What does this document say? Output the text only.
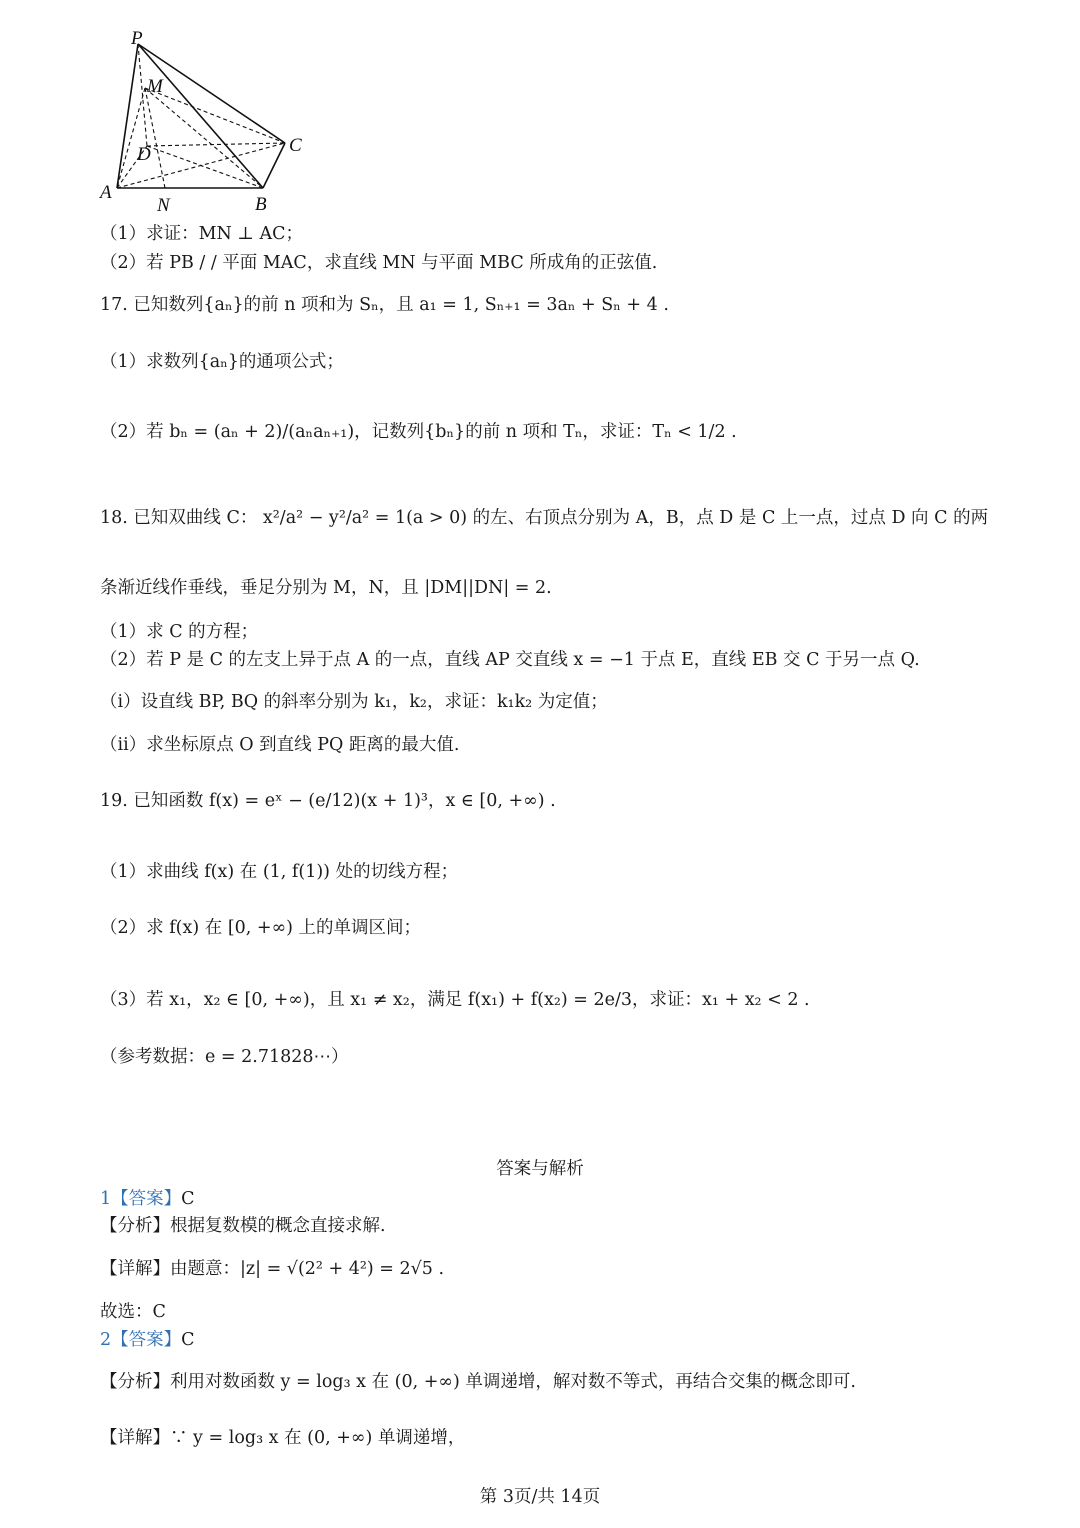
P
M
D	C
A
N	B
（1）求证：MN ⊥ AC；
（2）若 PB / / 平面 MAC，求直线 MN 与平面 MBC 所成角的正弦值.
17. 已知数列{aₙ}的前 n 项和为 Sₙ，且 a₁ = 1, Sₙ₊₁ = 3aₙ + Sₙ + 4 .
（1）求数列{aₙ}的通项公式；
（2）若 bₙ = (aₙ + 2)/(aₙaₙ₊₁)，记数列{bₙ}的前 n 项和 Tₙ，求证：Tₙ < 1/2 .
18. 已知双曲线 C： x²/a² − y²/a² = 1(a > 0) 的左、右顶点分别为 A，B，点 D 是 C 上一点，过点 D 向 C 的两
条渐近线作垂线，垂足分别为 M，N，且 |DM||DN| = 2.
（1）求 C 的方程；
（2）若 P 是 C 的左支上异于点 A 的一点，直线 AP 交直线 x = −1 于点 E，直线 EB 交 C 于另一点 Q.
（i）设直线 BP, BQ 的斜率分别为 k₁，k₂，求证：k₁k₂ 为定值；
（ii）求坐标原点 O 到直线 PQ 距离的最大值.
19. 已知函数 f(x) = eˣ − (e/12)(x + 1)³，x ∈ [0, +∞) .
（1）求曲线 f(x) 在 (1, f(1)) 处的切线方程；
（2）求 f(x) 在 [0, +∞) 上的单调区间；
（3）若 x₁，x₂ ∈ [0, +∞)，且 x₁ ≠ x₂，满足 f(x₁) + f(x₂) = 2e/3，求证：x₁ + x₂ < 2 .
（参考数据：e = 2.71828⋯）
答案与解析
1【答案】C
【分析】根据复数模的概念直接求解.
【详解】由题意：|z| = √(2² + 4²) = 2√5 .
故选：C
2【答案】C
【分析】利用对数函数 y = log₃ x 在 (0, +∞) 单调递增，解对数不等式，再结合交集的概念即可.
【详解】∵ y = log₃ x 在 (0, +∞) 单调递增，
第 3页/共 14页
